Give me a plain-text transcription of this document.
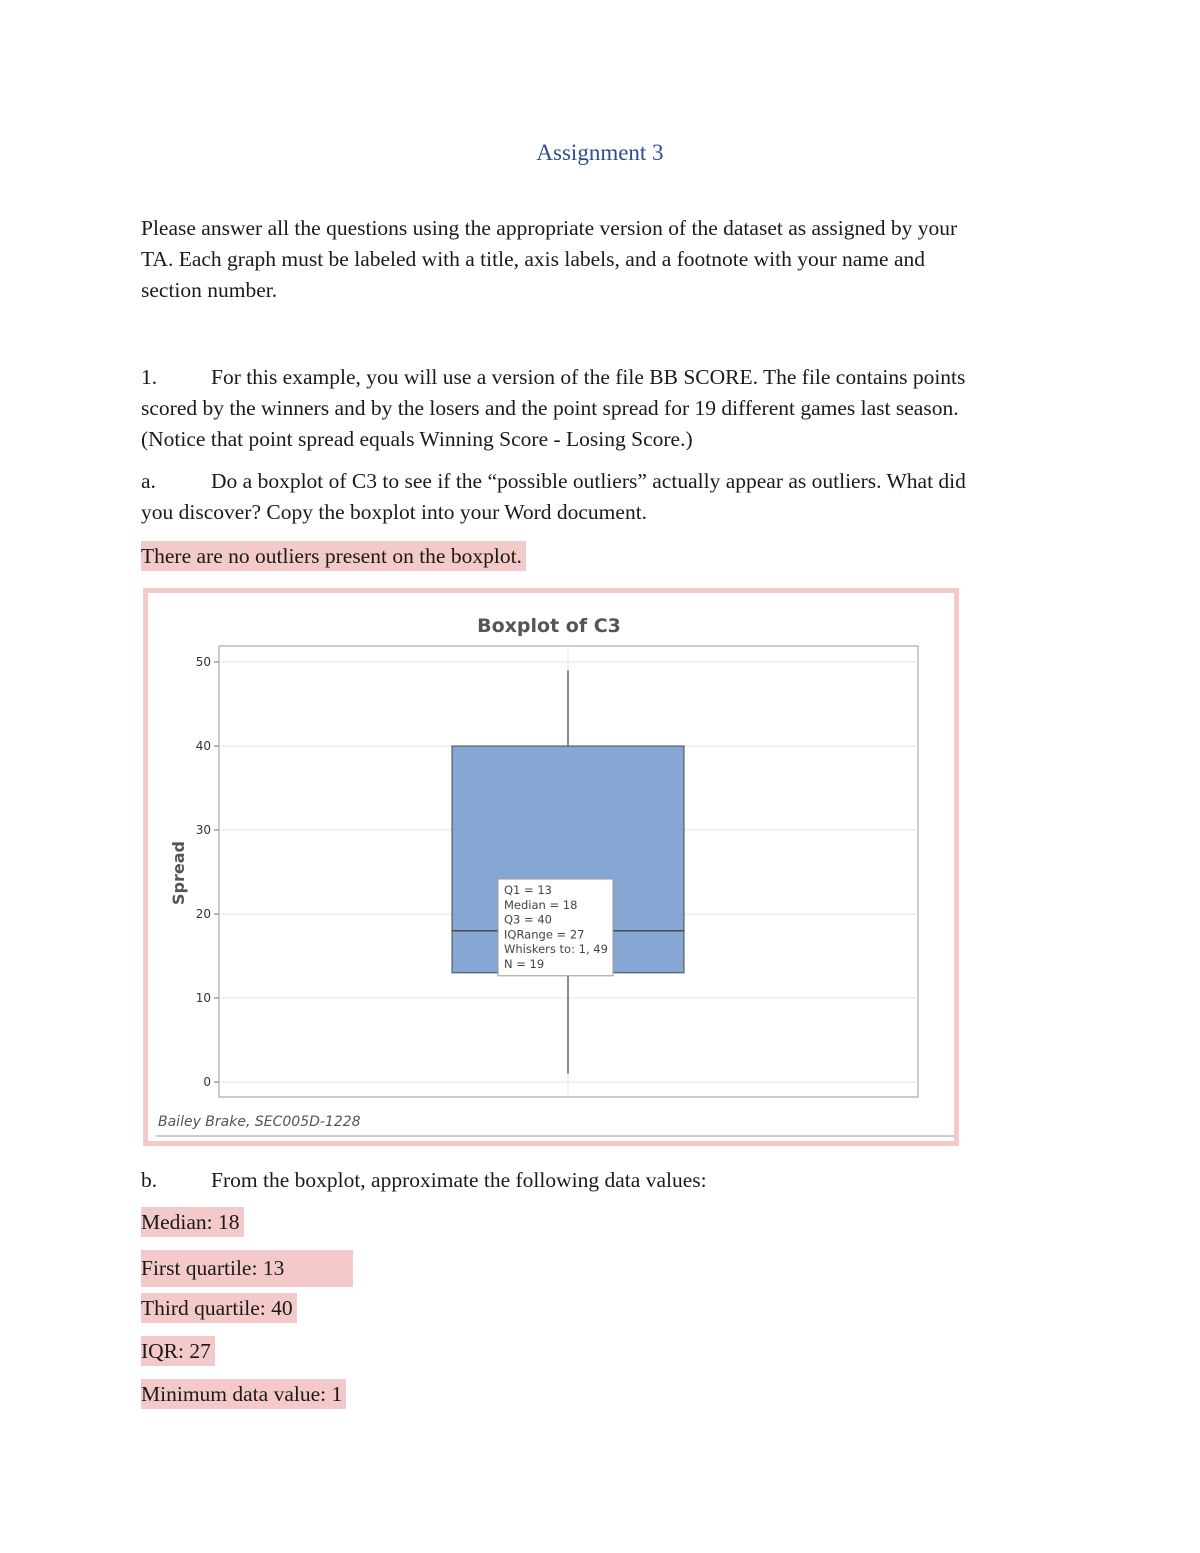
Assignment 3

Please answer all the questions using the appropriate version of the dataset as assigned by your
TA. Each graph must be labeled with a title, axis labels, and a footnote with your name and
section number.

1.	For this example, you will use a version of the file BB SCORE. The file contains points
scored by the winners and by the losers and the point spread for 19 different games last season.
(Notice that point spread equals Winning Score - Losing Score.)

a.	Do a boxplot of C3 to see if the “possible outliers” actually appear as outliers. What did
you discover? Copy the boxplot into your Word document.

There are no outliers present on the boxplot.

Boxplot of C3
0
10
20
30
40
50
Q1 = 13
Median = 18
Q3 = 40
IQRange = 27
Whiskers to: 1, 49
N = 19
Spread
Bailey Brake, SEC005D-1228

b.	From the boxplot, approximate the following data values:

Median: 18

First quartile: 13

Third quartile: 40

IQR: 27

Minimum data value: 1
